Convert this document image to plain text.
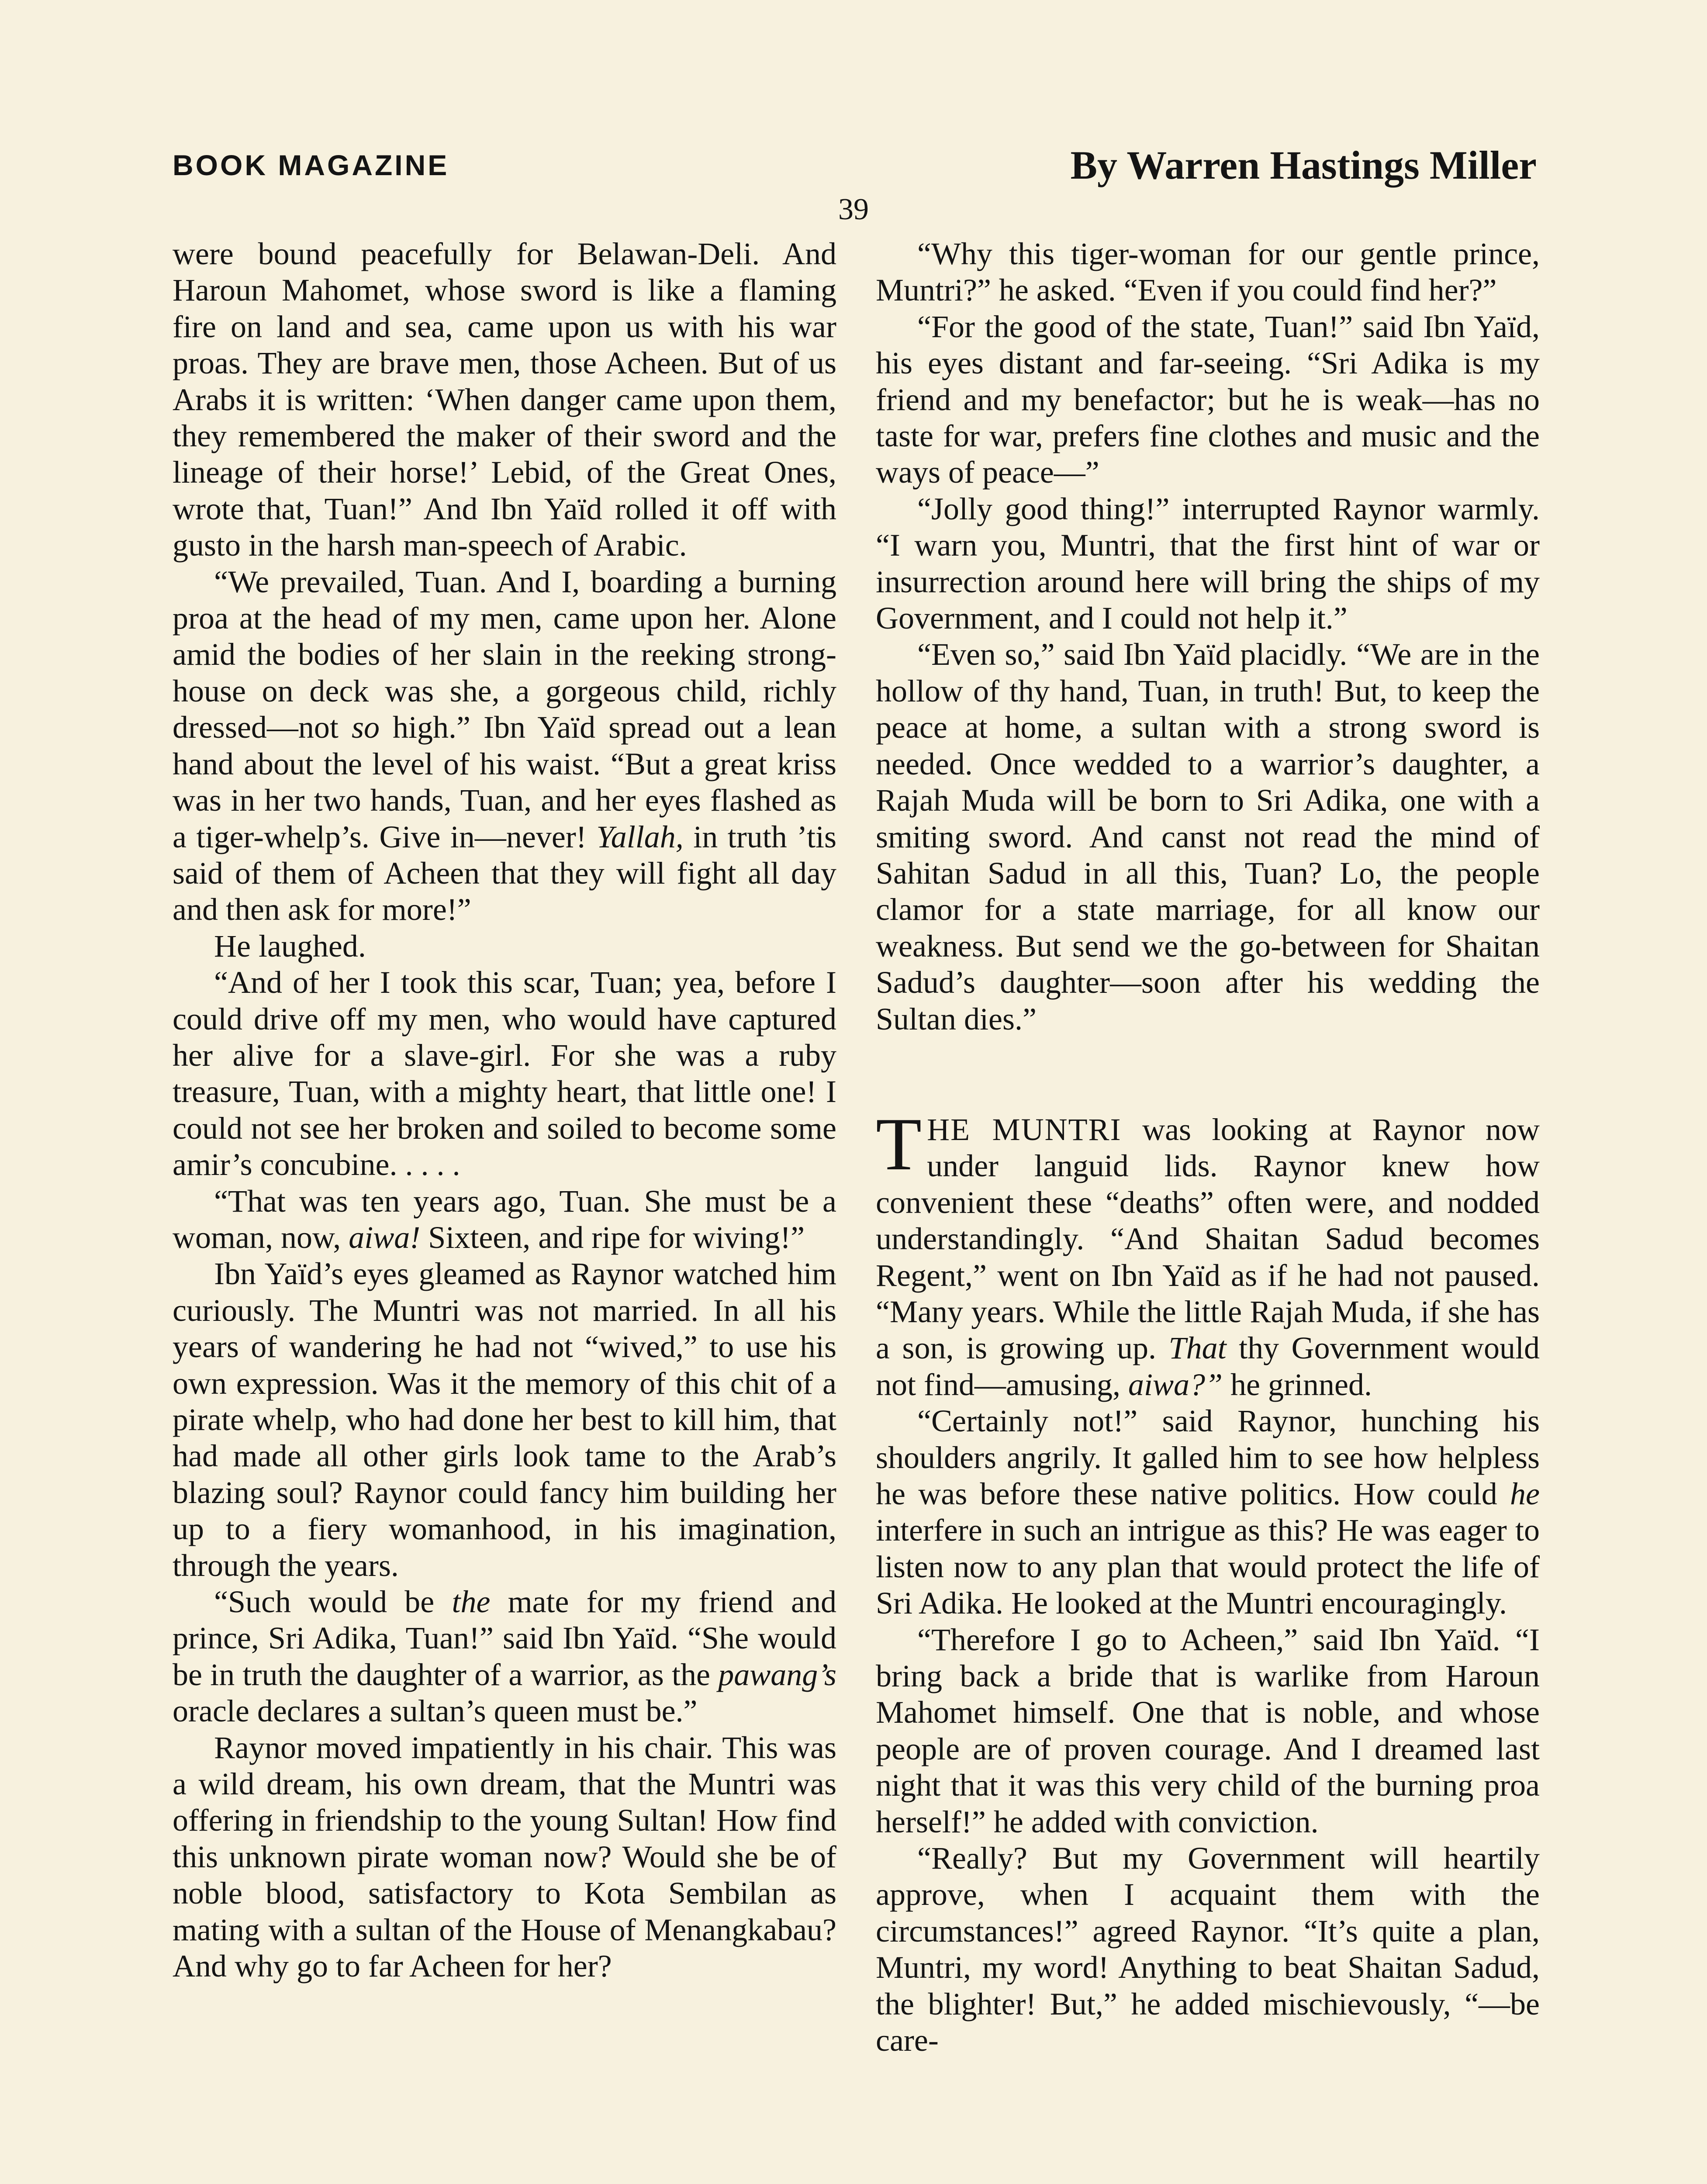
BOOK MAGAZINE	By Warren Hastings Miller
39

were bound peacefully for Belawan-Deli. And Haroun Mahomet, whose sword is like a flaming fire on land and sea, came upon us with his war proas. They are brave men, those Acheen. But of us Arabs it is written: ‘When danger came upon them, they remembered the maker of their sword and the lineage of their horse!’ Lebid, of the Great Ones, wrote that, Tuan!” And Ibn Yaïd rolled it off with gusto in the harsh man-speech of Arabic.

“We prevailed, Tuan. And I, boarding a burning proa at the head of my men, came upon her. Alone amid the bodies of her slain in the reeking strong-house on deck was she, a gorgeous child, richly dressed—not so high.” Ibn Yaïd spread out a lean hand about the level of his waist. “But a great kriss was in her two hands, Tuan, and her eyes flashed as a tiger-whelp’s. Give in—never! Yallah, in truth ’tis said of them of Acheen that they will fight all day and then ask for more!”

He laughed.

“And of her I took this scar, Tuan; yea, before I could drive off my men, who would have captured her alive for a slave-girl. For she was a ruby treasure, Tuan, with a mighty heart, that little one! I could not see her broken and soiled to become some amir’s concubine. . . . .

“That was ten years ago, Tuan. She must be a woman, now, aiwa! Sixteen, and ripe for wiving!”

Ibn Yaïd’s eyes gleamed as Raynor watched him curiously. The Muntri was not married. In all his years of wandering he had not “wived,” to use his own expression. Was it the memory of this chit of a pirate whelp, who had done her best to kill him, that had made all other girls look tame to the Arab’s blazing soul? Raynor could fancy him building her up to a fiery womanhood, in his imagination, through the years.

“Such would be the mate for my friend and prince, Sri Adika, Tuan!” said Ibn Yaïd. “She would be in truth the daughter of a warrior, as the pawang’s oracle declares a sultan’s queen must be.”

Raynor moved impatiently in his chair. This was a wild dream, his own dream, that the Muntri was offering in friendship to the young Sultan! How find this unknown pirate woman now? Would she be of noble blood, satisfactory to Kota Sembilan as mating with a sultan of the House of Menangkabau? And why go to far Acheen for her?

“Why this tiger-woman for our gentle prince, Muntri?” he asked. “Even if you could find her?”

“For the good of the state, Tuan!” said Ibn Yaïd, his eyes distant and far-seeing. “Sri Adika is my friend and my benefactor; but he is weak—has no taste for war, prefers fine clothes and music and the ways of peace—”

“Jolly good thing!” interrupted Raynor warmly. “I warn you, Muntri, that the first hint of war or insurrection around here will bring the ships of my Government, and I could not help it.”

“Even so,” said Ibn Yaïd placidly. “We are in the hollow of thy hand, Tuan, in truth! But, to keep the peace at home, a sultan with a strong sword is needed. Once wedded to a warrior’s daughter, a Rajah Muda will be born to Sri Adika, one with a smiting sword. And canst not read the mind of Sahitan Sadud in all this, Tuan? Lo, the people clamor for a state marriage, for all know our weakness. But send we the go-between for Shaitan Sadud’s daughter—soon after his wedding the Sultan dies.”

THE MUNTRI was looking at Raynor now under languid lids. Raynor knew how convenient these “deaths” often were, and nodded understandingly. “And Shaitan Sadud becomes Regent,” went on Ibn Yaïd as if he had not paused. “Many years. While the little Rajah Muda, if she has a son, is growing up. That thy Government would not find—amusing, aiwa?” he grinned.

“Certainly not!” said Raynor, hunching his shoulders angrily. It galled him to see how helpless he was before these native politics. How could he interfere in such an intrigue as this? He was eager to listen now to any plan that would protect the life of Sri Adika. He looked at the Muntri encouragingly.

“Therefore I go to Acheen,” said Ibn Yaïd. “I bring back a bride that is warlike from Haroun Mahomet himself. One that is noble, and whose people are of proven courage. And I dreamed last night that it was this very child of the burning proa herself!” he added with conviction.

“Really? But my Government will heartily approve, when I acquaint them with the circumstances!” agreed Raynor. “It’s quite a plan, Muntri, my word! Anything to beat Shaitan Sadud, the blighter! But,” he added mischievously, “—be care-
